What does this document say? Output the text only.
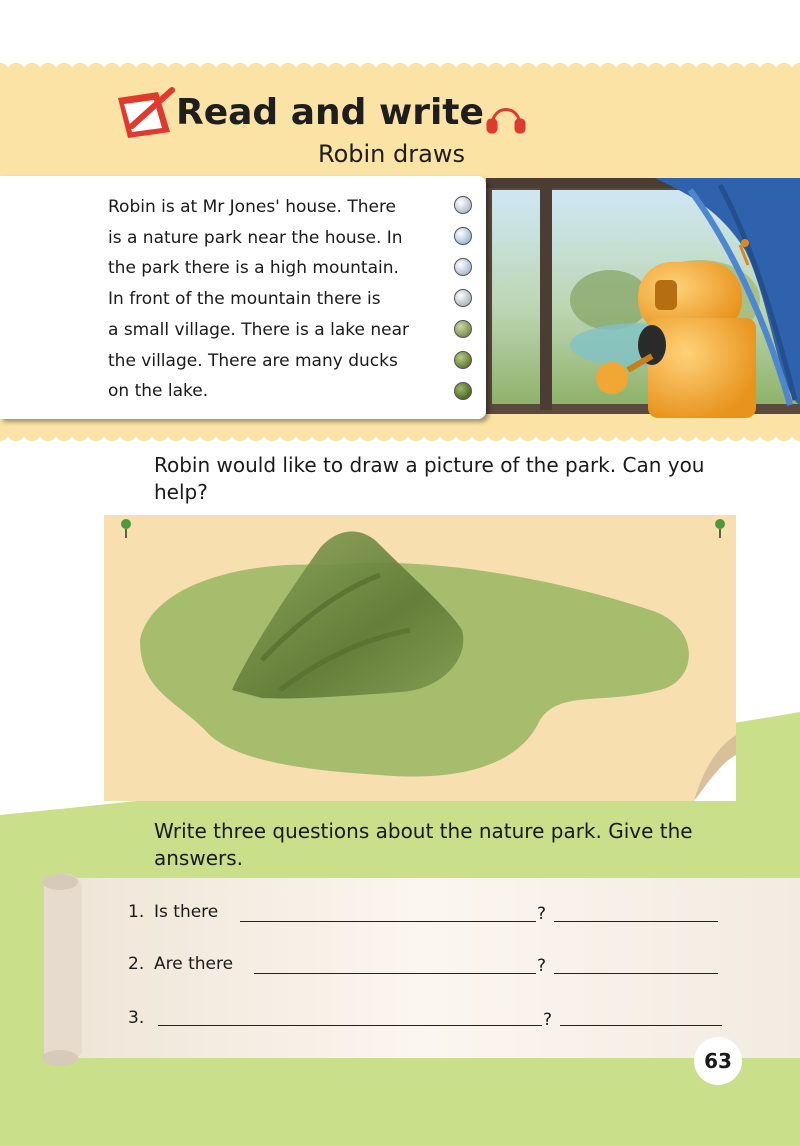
Read and write
Robin draws
Robin is at Mr Jones' house. There
is a nature park near the house. In
the park there is a high mountain.
In front of the mountain there is
a small village. There is a lake near
the village. There are many ducks
on the lake.
Robin would like to draw a picture of the park. Can you help?
Write three questions about the nature park. Give the answers.
1. Is there	?
2. Are there	?
3.	?
63
